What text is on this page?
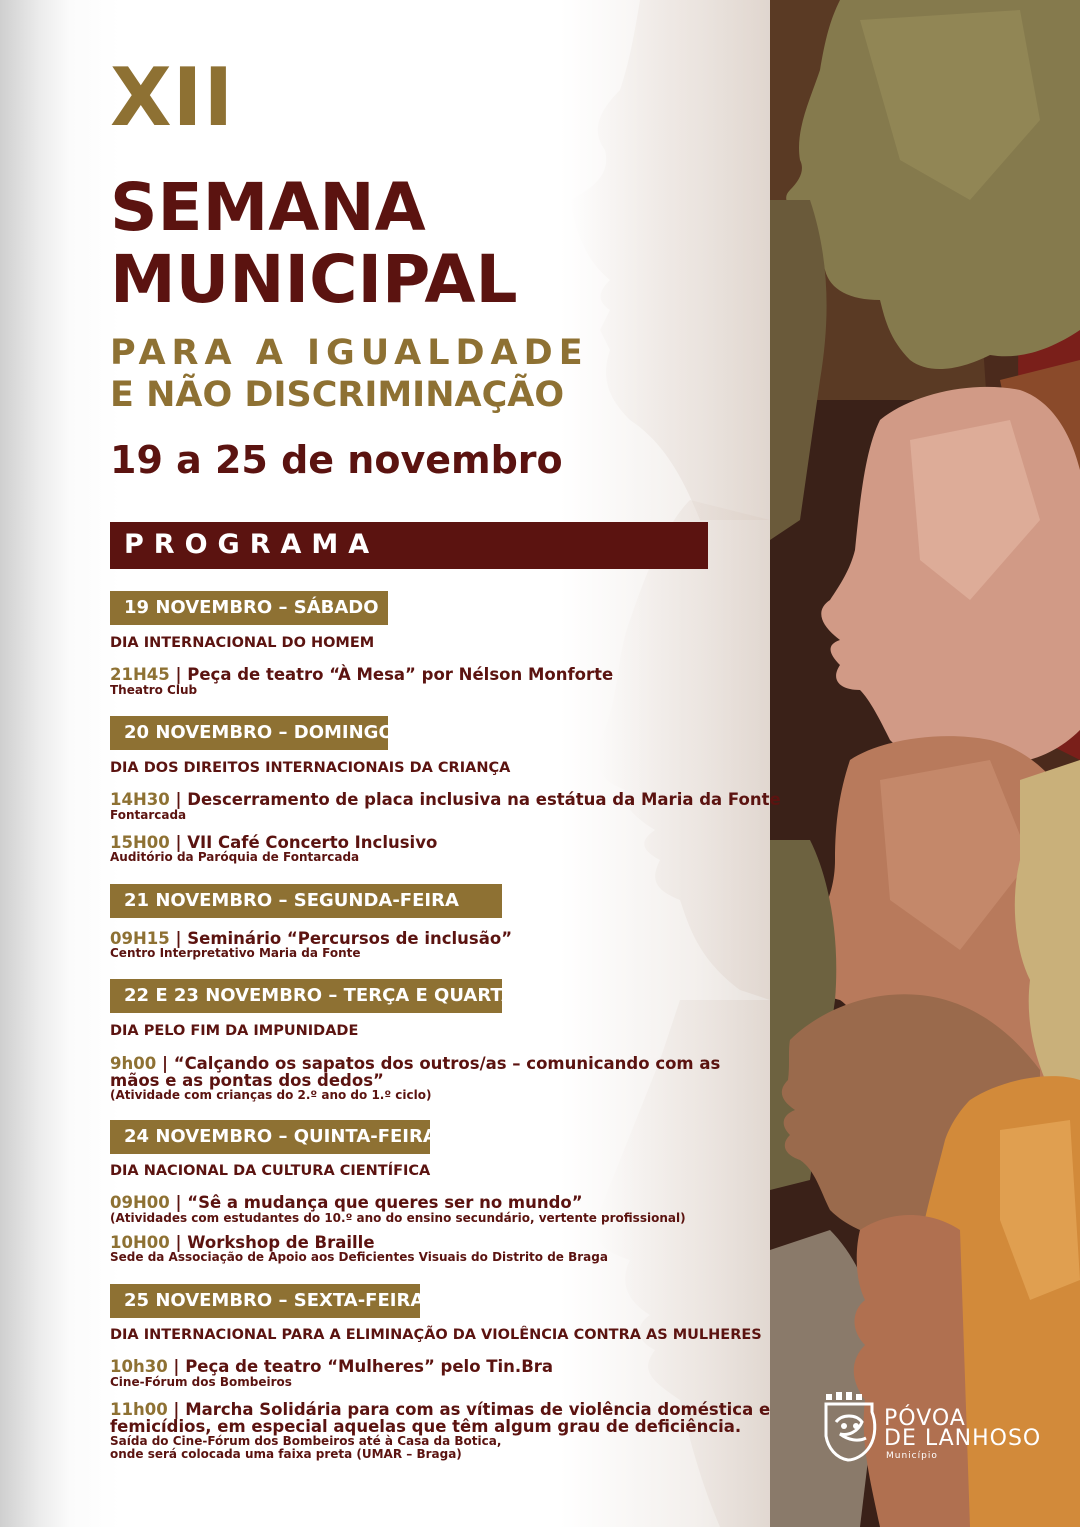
XII
SEMANA
MUNICIPAL
PARA A IGUALDADE
E NÃO DISCRIMINAÇÃO
19 a 25 de novembro
PROGRAMA
19 NOVEMBRO – SÁBADO
DIA INTERNACIONAL DO HOMEM
21H45 | Peça de teatro “À Mesa” por Nélson Monforte
Theatro Club
20 NOVEMBRO – DOMINGO
DIA DOS DIREITOS INTERNACIONAIS DA CRIANÇA
14H30 | Descerramento de placa inclusiva na estátua da Maria da Fonte
Fontarcada
15H00 | VII Café Concerto Inclusivo
Auditório da Paróquia de Fontarcada
21 NOVEMBRO – SEGUNDA-FEIRA
09H15 | Seminário “Percursos de inclusão”
Centro Interpretativo Maria da Fonte
22 E 23 NOVEMBRO – TERÇA E QUARTA
DIA PELO FIM DA IMPUNIDADE
9h00 | “Calçando os sapatos dos outros/as – comunicando com as
mãos e as pontas dos dedos”
(Atividade com crianças do 2.º ano do 1.º ciclo)
24 NOVEMBRO – QUINTA-FEIRA
DIA NACIONAL DA CULTURA CIENTÍFICA
09H00 | “Sê a mudança que queres ser no mundo”
(Atividades com estudantes do 10.º ano do ensino secundário, vertente profissional)
10H00 | Workshop de Braille
Sede da Associação de Apoio aos Deficientes Visuais do Distrito de Braga
25 NOVEMBRO – SEXTA-FEIRA
DIA INTERNACIONAL PARA A ELIMINAÇÃO DA VIOLÊNCIA CONTRA AS MULHERES
10h30 | Peça de teatro “Mulheres” pelo Tin.Bra
Cine-Fórum dos Bombeiros
11h00 | Marcha Solidária para com as vítimas de violência doméstica e
femicídios, em especial aquelas que têm algum grau de deficiência.
Saída do Cine-Fórum dos Bombeiros até à Casa da Botica,
onde será colocada uma faixa preta (UMAR – Braga)
PÓVOA
DE LANHOSO
Município
